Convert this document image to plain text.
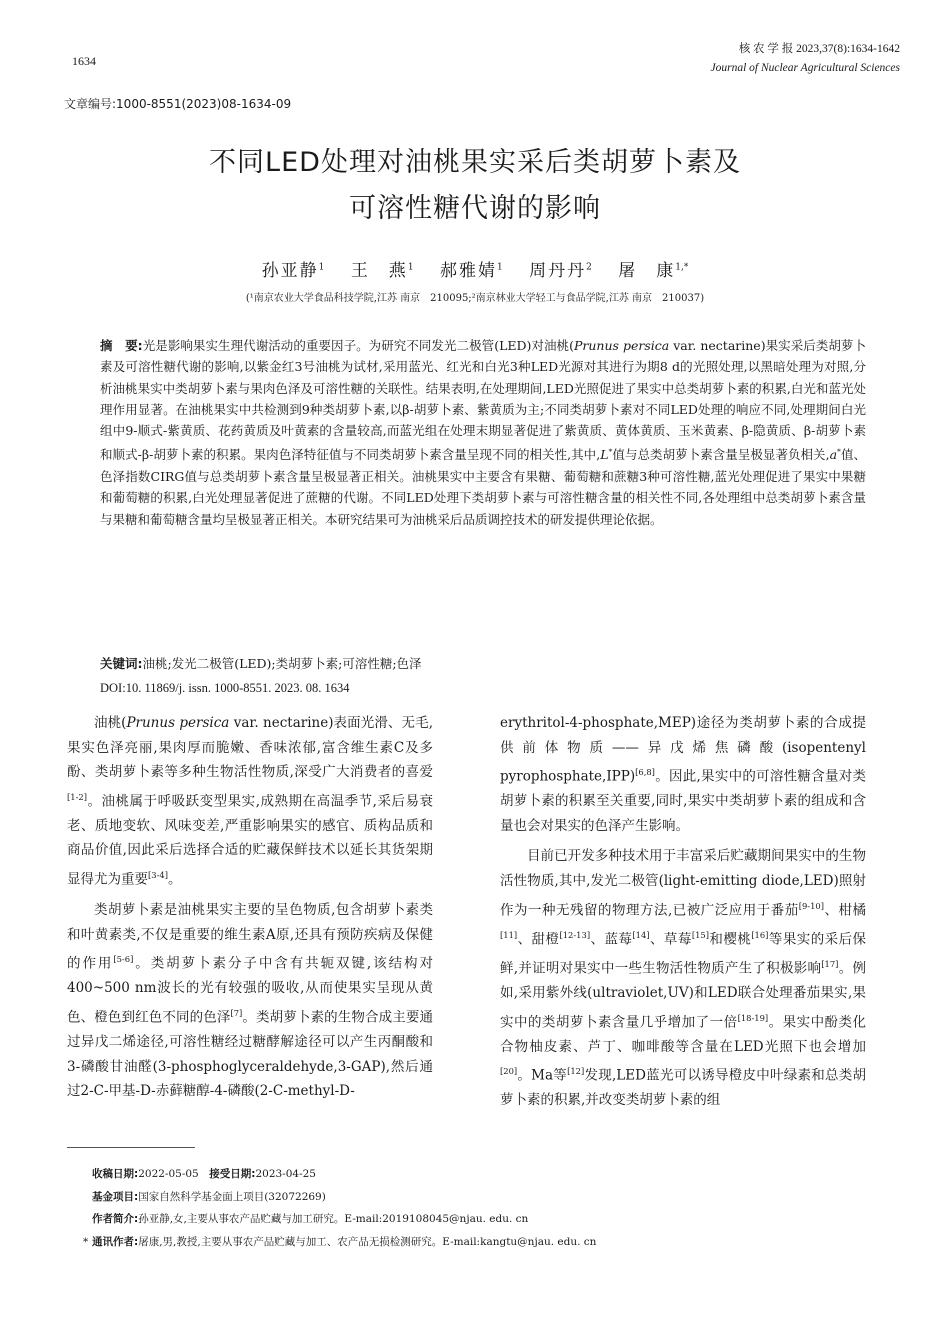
1634
核 农 学 报 2023,37(8):1634-1642
Journal of Nuclear Agricultural Sciences
文章编号:1000-8551(2023)08-1634-09
不同LED处理对油桃果实采后类胡萝卜素及
可溶性糖代谢的影响
孙亚静$^1$  王　燕$^1$  郝雅婧$^1$  周丹丹$^2$  屠　康$^{1,*}$
(¹南京农业大学食品科技学院,江苏 南京　210095;²南京林业大学轻工与食品学院,江苏 南京　210037)
摘　要:光是影响果实生理代谢活动的重要因子。为研究不同发光二极管(LED)对油桃(Prunus persica var. nectarine)果实采后类胡萝卜素及可溶性糖代谢的影响,以紫金红3号油桃为试材,采用蓝光、红光和白光3种LED光源对其进行为期8 d的光照处理,以黑暗处理为对照,分析油桃果实中类胡萝卜素与果肉色泽及可溶性糖的关联性。结果表明,在处理期间,LED光照促进了果实中总类胡萝卜素的积累,白光和蓝光处理作用显著。在油桃果实中共检测到9种类胡萝卜素,以β-胡萝卜素、紫黄质为主;不同类胡萝卜素对不同LED处理的响应不同,处理期间白光组中9-顺式-紫黄质、花药黄质及叶黄素的含量较高,而蓝光组在处理末期显著促进了紫黄质、黄体黄质、玉米黄素、β-隐黄质、β-胡萝卜素和顺式-β-胡萝卜素的积累。果肉色泽特征值与不同类胡萝卜素含量呈现不同的相关性,其中,L*值与总类胡萝卜素含量呈极显著负相关,a*值、色泽指数CIRG值与总类胡萝卜素含量呈极显著正相关。油桃果实中主要含有果糖、葡萄糖和蔗糖3种可溶性糖,蓝光处理促进了果实中果糖和葡萄糖的积累,白光处理显著促进了蔗糖的代谢。不同LED处理下类胡萝卜素与可溶性糖含量的相关性不同,各处理组中总类胡萝卜素含量与果糖和葡萄糖含量均呈极显著正相关。本研究结果可为油桃采后品质调控技术的研发提供理论依据。
关键词:油桃;发光二极管(LED);类胡萝卜素;可溶性糖;色泽
DOI:10. 11869/j. issn. 1000-8551. 2023. 08. 1634

油桃(Prunus persica var. nectarine)表面光滑、无毛,果实色泽亮丽,果肉厚而脆嫩、香味浓郁,富含维生素C及多酚、类胡萝卜素等多种生物活性物质,深受广大消费者的喜爱[1-2]。油桃属于呼吸跃变型果实,成熟期在高温季节,采后易衰老、质地变软、风味变差,严重影响果实的感官、质构品质和商品价值,因此采后选择合适的贮藏保鲜技术以延长其货架期显得尤为重要[3-4]。

类胡萝卜素是油桃果实主要的呈色物质,包含胡萝卜素类和叶黄素类,不仅是重要的维生素A原,还具有预防疾病及保健的作用[5-6]。类胡萝卜素分子中含有共轭双键,该结构对400~500 nm波长的光有较强的吸收,从而使果实呈现从黄色、橙色到红色不同的色泽[7]。类胡萝卜素的生物合成主要通过异戊二烯途径,可溶性糖经过糖酵解途径可以产生丙酮酸和3-磷酸甘油醛(3-phosphoglyceraldehyde,3-GAP),然后通过2-C-甲基-D-赤藓糖醇-4-磷酸(2-C-methyl-D-

erythritol-4-phosphate,MEP)途径为类胡萝卜素的合成提供前体物质——异戊烯焦磷酸(isopentenyl pyrophosphate,IPP)[6,8]。因此,果实中的可溶性糖含量对类胡萝卜素的积累至关重要,同时,果实中类胡萝卜素的组成和含量也会对果实的色泽产生影响。

目前已开发多种技术用于丰富采后贮藏期间果实中的生物活性物质,其中,发光二极管(light-emitting diode,LED)照射作为一种无残留的物理方法,已被广泛应用于番茄[9-10]、柑橘[11]、甜橙[12-13]、蓝莓[14]、草莓[15]和樱桃[16]等果实的采后保鲜,并证明对果实中一些生物活性物质产生了积极影响[17]。例如,采用紫外线(ultraviolet,UV)和LED联合处理番茄果实,果实中的类胡萝卜素含量几乎增加了一倍[18-19]。果实中酚类化合物柚皮素、芦丁、咖啡酸等含量在LED光照下也会增加[20]。Ma等[12]发现,LED蓝光可以诱导橙皮中叶绿素和总类胡萝卜素的积累,并改变类胡萝卜素的组

收稿日期:2022-05-05  接受日期:2023-04-25
基金项目:国家自然科学基金面上项目(32072269)
作者简介:孙亚静,女,主要从事农产品贮藏与加工研究。E-mail:2019108045@njau. edu. cn
* 通讯作者:屠康,男,教授,主要从事农产品贮藏与加工、农产品无损检测研究。E-mail:kangtu@njau. edu. cn
